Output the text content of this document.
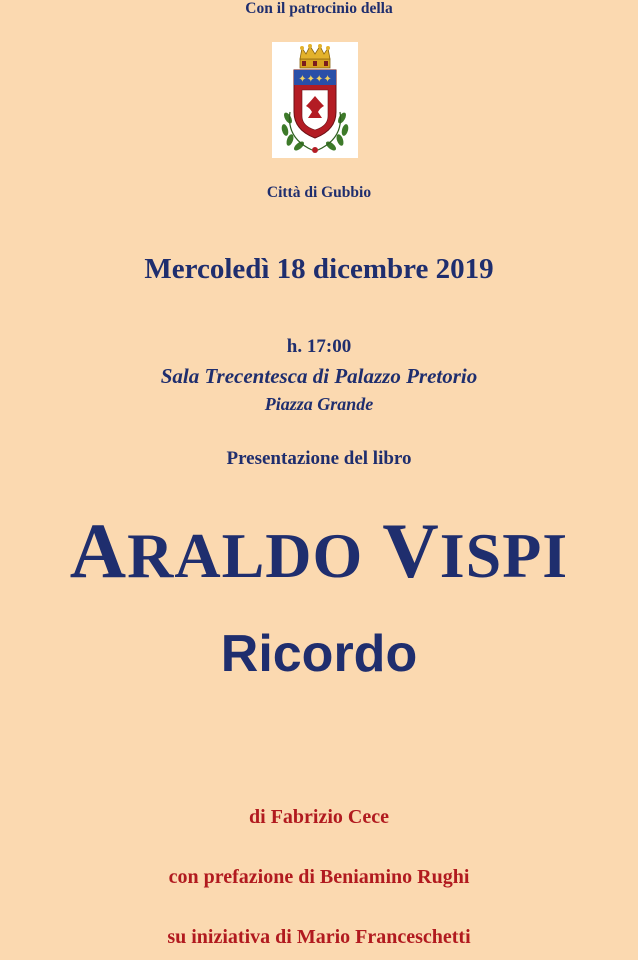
Con il patrocinio della
✦✦✦✦
Città di Gubbio
Mercoledì 18 dicembre 2019
h. 17:00
Sala Trecentesca di Palazzo Pretorio
Piazza Grande
Presentazione del libro
ARALDO VISPI
Ricordo
di Fabrizio Cece
con prefazione di Beniamino Rughi
su iniziativa di Mario Franceschetti
